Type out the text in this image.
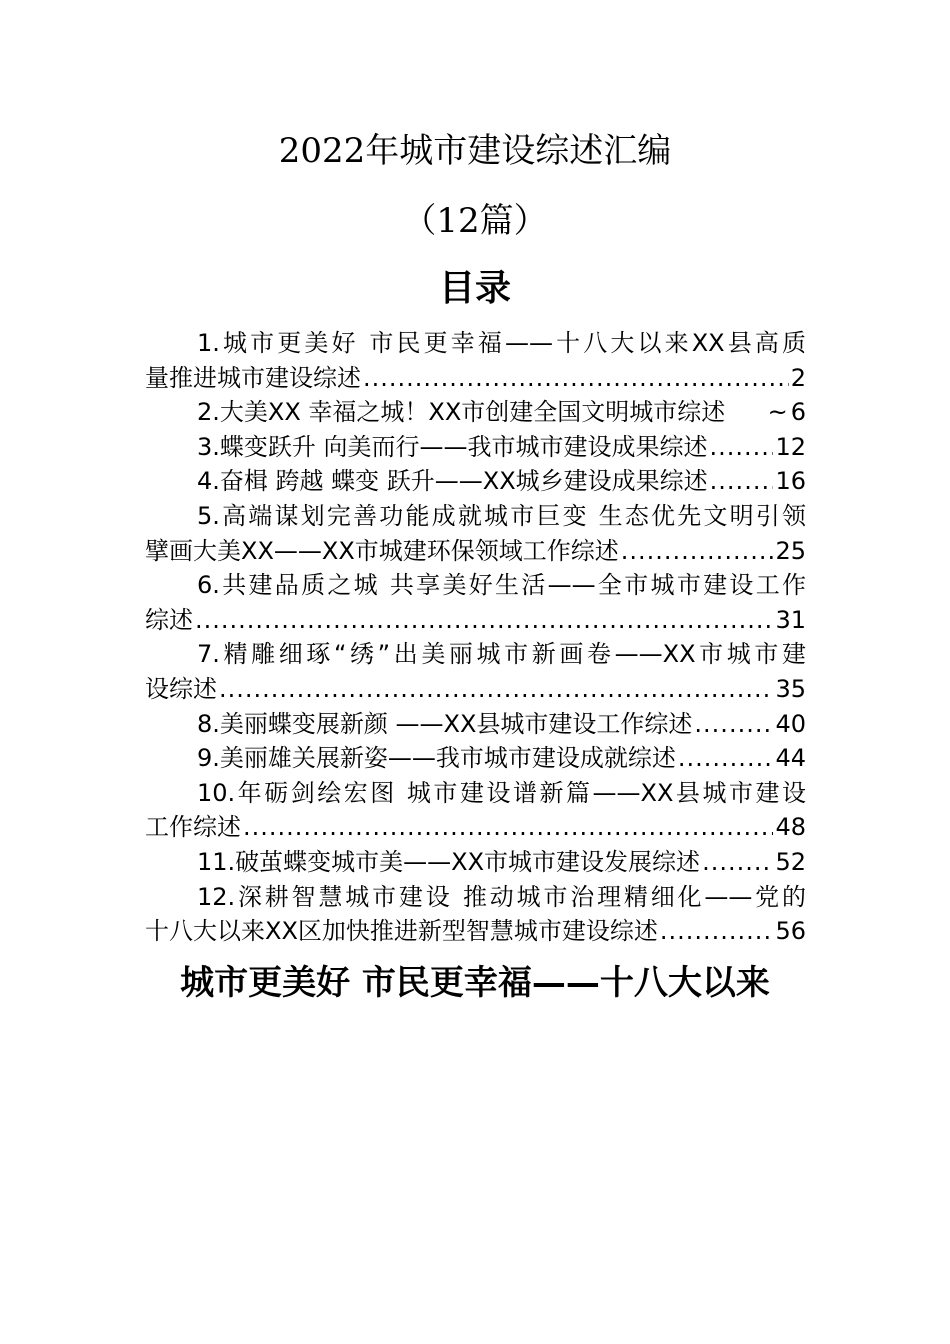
2022年城市建设综述汇编
（12篇）
目录
1.城市更美好 市民更幸福——十八大以来XX县高质
量推进城市建设综述 .....	2
2.大美XX 幸福之城！XX市创建全国文明城市综述 ~ 6
3.蝶变跃升 向美而行——我市城市建设成果综述 .....	12
4.奋楫 跨越 蝶变 跃升——XX城乡建设成果综述 .....	16
5.高端谋划完善功能成就城市巨变 生态优先文明引领
擘画大美XX——XX市城建环保领域工作综述 .....	25
6.共建品质之城 共享美好生活——全市城市建设工作
综述 .....	31
7.精雕细琢“绣”出美丽城市新画卷——XX市城市建
设综述 .....	35
8.美丽蝶变展新颜 ——XX县城市建设工作综述 .....	40
9.美丽雄关展新姿——我市城市建设成就综述 .....	44
10.年砺剑绘宏图 城市建设谱新篇——XX县城市建设
工作综述 .....	48
11.破茧蝶变城市美——XX市城市建设发展综述 .....	52
12.深耕智慧城市建设 推动城市治理精细化——党的
十八大以来XX区加快推进新型智慧城市建设综述 .....	56
城市更美好 市民更幸福——十八大以来
